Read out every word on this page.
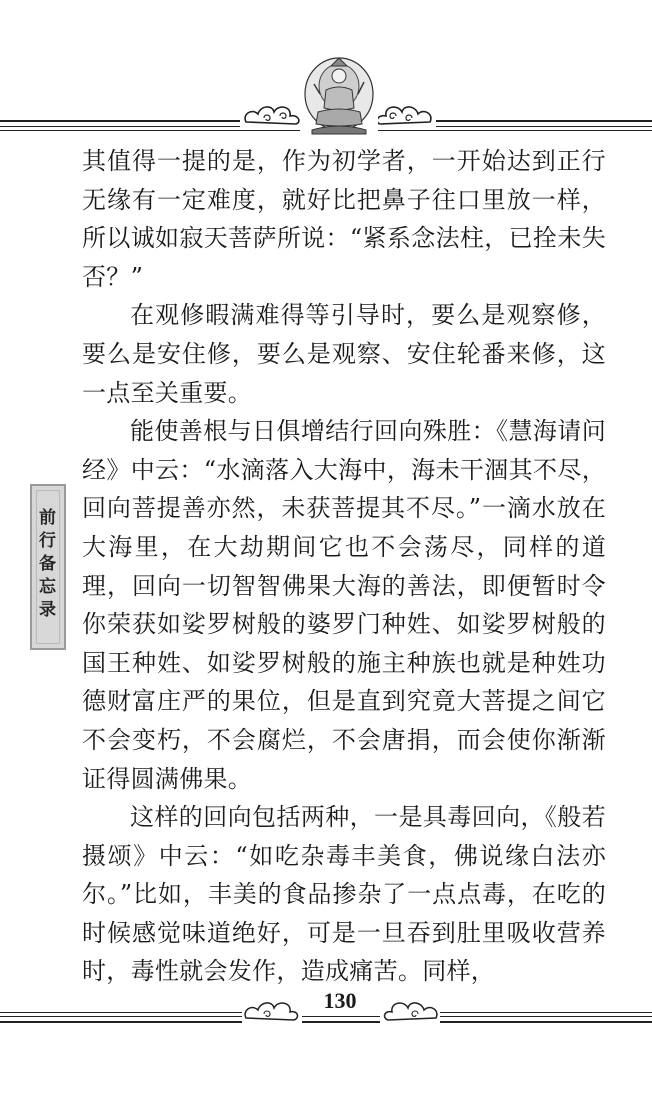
前行备忘录

其值得一提的是，作为初学者，一开始达到正行无缘有一定难度，就好比把鼻子往口里放一样，所以诚如寂天菩萨所说：“紧系念法柱，已拴未失否？”

在观修暇满难得等引导时，要么是观察修，要么是安住修，要么是观察、安住轮番来修，这一点至关重要。

能使善根与日俱增结行回向殊胜：《慧海请问经》中云：“水滴落入大海中，海未干涸其不尽，回向菩提善亦然，未获菩提其不尽。”一滴水放在大海里，在大劫期间它也不会荡尽，同样的道理，回向一切智智佛果大海的善法，即便暂时令你荣获如娑罗树般的婆罗门种姓、如娑罗树般的国王种姓、如娑罗树般的施主种族也就是种姓功德财富庄严的果位，但是直到究竟大菩提之间它不会变朽，不会腐烂，不会唐捐，而会使你渐渐证得圆满佛果。

这样的回向包括两种，一是具毒回向，《般若摄颂》中云：“如吃杂毒丰美食，佛说缘白法亦尔。”比如，丰美的食品掺杂了一点点毒，在吃的时候感觉味道绝好，可是一旦吞到肚里吸收营养时，毒性就会发作，造成痛苦。同样，

130
